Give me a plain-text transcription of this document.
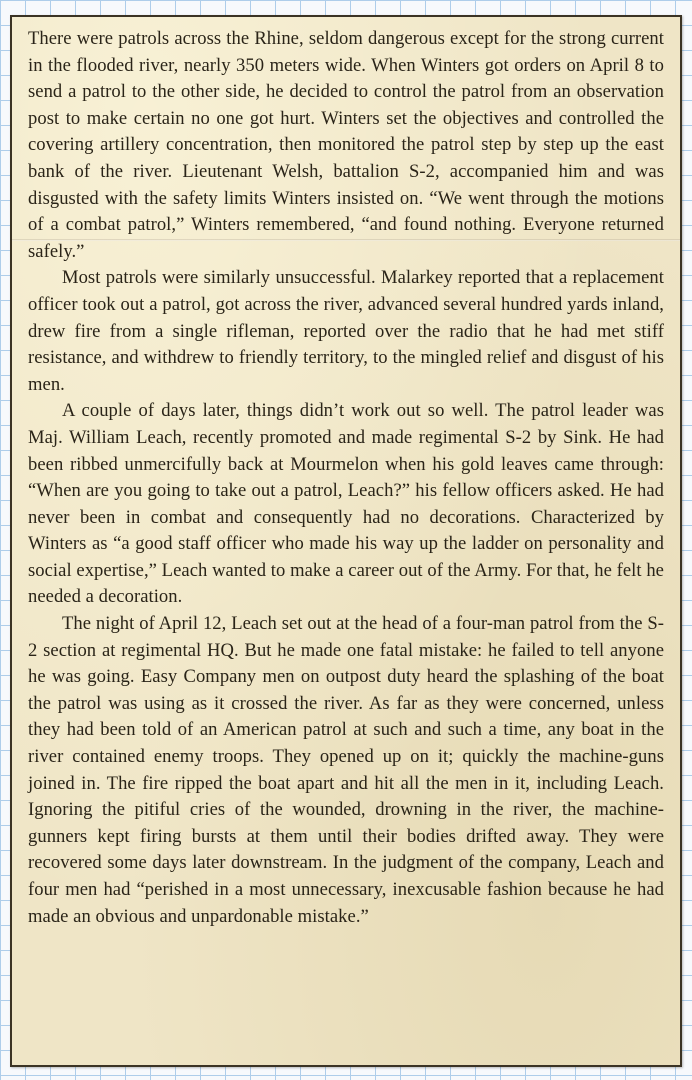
There were patrols across the Rhine, seldom dangerous except for the strong current in the flooded river, nearly 350 meters wide. When Winters got orders on April 8 to send a patrol to the other side, he decided to control the patrol from an observation post to make certain no one got hurt. Winters set the objectives and controlled the covering artillery concentration, then monitored the patrol step by step up the east bank of the river. Lieutenant Welsh, battalion S-2, accompanied him and was disgusted with the safety limits Winters insisted on. “We went through the motions of a combat patrol,” Winters remembered, “and found nothing. Everyone returned safely.”

Most patrols were similarly unsuccessful. Malarkey reported that a replacement officer took out a patrol, got across the river, advanced several hundred yards inland, drew fire from a single rifleman, reported over the radio that he had met stiff resistance, and withdrew to friendly territory, to the mingled relief and disgust of his men.

A couple of days later, things didn’t work out so well. The patrol leader was Maj. William Leach, recently promoted and made regimental S-2 by Sink. He had been ribbed unmercifully back at Mourmelon when his gold leaves came through: “When are you going to take out a patrol, Leach?” his fellow officers asked. He had never been in combat and consequently had no decorations. Characterized by Winters as “a good staff officer who made his way up the ladder on personality and social expertise,” Leach wanted to make a career out of the Army. For that, he felt he needed a decoration.

The night of April 12, Leach set out at the head of a four-man patrol from the S-2 section at regimental HQ. But he made one fatal mistake: he failed to tell anyone he was going. Easy Company men on outpost duty heard the splashing of the boat the patrol was using as it crossed the river. As far as they were concerned, unless they had been told of an American patrol at such and such a time, any boat in the river contained enemy troops. They opened up on it; quickly the machine-guns joined in. The fire ripped the boat apart and hit all the men in it, including Leach. Ignoring the pitiful cries of the wounded, drowning in the river, the machine-gunners kept firing bursts at them until their bodies drifted away. They were recovered some days later downstream. In the judgment of the company, Leach and four men had “perished in a most unnecessary, inexcusable fashion because he had made an obvious and unpardonable mistake.”
